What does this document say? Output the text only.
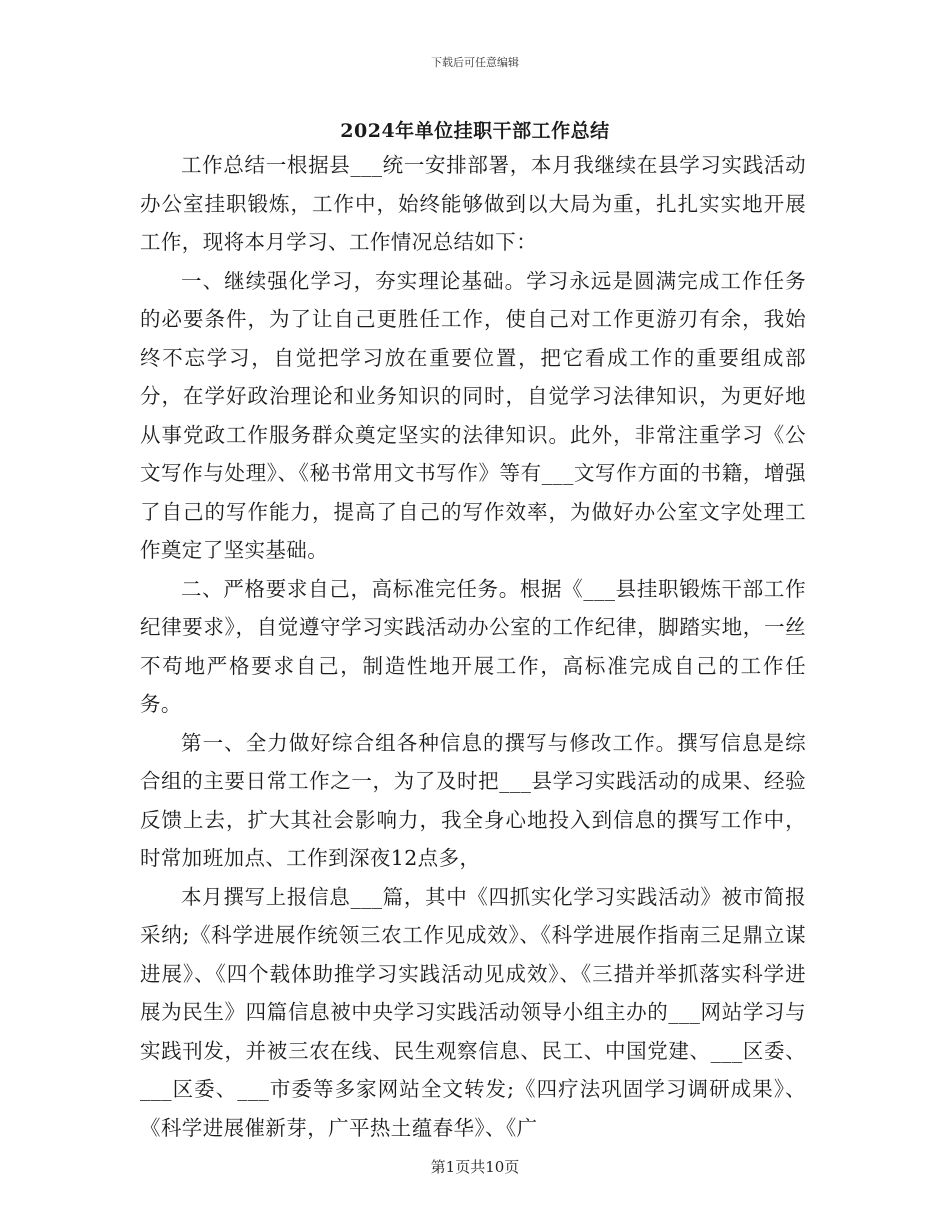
下载后可任意编辑
2024年单位挂职干部工作总结

工作总结一根据县___统一安排部署，本月我继续在县学习实践活动办公室挂职锻炼，工作中，始终能够做到以大局为重，扎扎实实地开展工作，现将本月学习、工作情况总结如下：

一、继续强化学习，夯实理论基础。学习永远是圆满完成工作任务的必要条件，为了让自己更胜任工作，使自己对工作更游刃有余，我始终不忘学习，自觉把学习放在重要位置，把它看成工作的重要组成部分，在学好政治理论和业务知识的同时，自觉学习法律知识，为更好地从事党政工作服务群众奠定坚实的法律知识。此外，非常注重学习《公文写作与处理》、《秘书常用文书写作》等有___文写作方面的书籍，增强了自己的写作能力，提高了自己的写作效率，为做好办公室文字处理工作奠定了坚实基础。

二、严格要求自己，高标准完任务。根据《___县挂职锻炼干部工作纪律要求》，自觉遵守学习实践活动办公室的工作纪律，脚踏实地，一丝不苟地严格要求自己，制造性地开展工作，高标准完成自己的工作任务。

第一、全力做好综合组各种信息的撰写与修改工作。撰写信息是综合组的主要日常工作之一，为了及时把___县学习实践活动的成果、经验反馈上去，扩大其社会影响力，我全身心地投入到信息的撰写工作中，时常加班加点、工作到深夜12点多，

本月撰写上报信息___篇，其中《四抓实化学习实践活动》被市简报采纳;《科学进展作统领三农工作见成效》、《科学进展作指南三足鼎立谋进展》、《四个载体助推学习实践活动见成效》、《三措并举抓落实科学进展为民生》四篇信息被中央学习实践活动领导小组主办的___网站学习与实践刊发，并被三农在线、民生观察信息、民工、中国党建、___区委、___区委、___市委等多家网站全文转发;《四疗法巩固学习调研成果》、《科学进展催新芽，广平热土蕴春华》、《广

第1页共10页
